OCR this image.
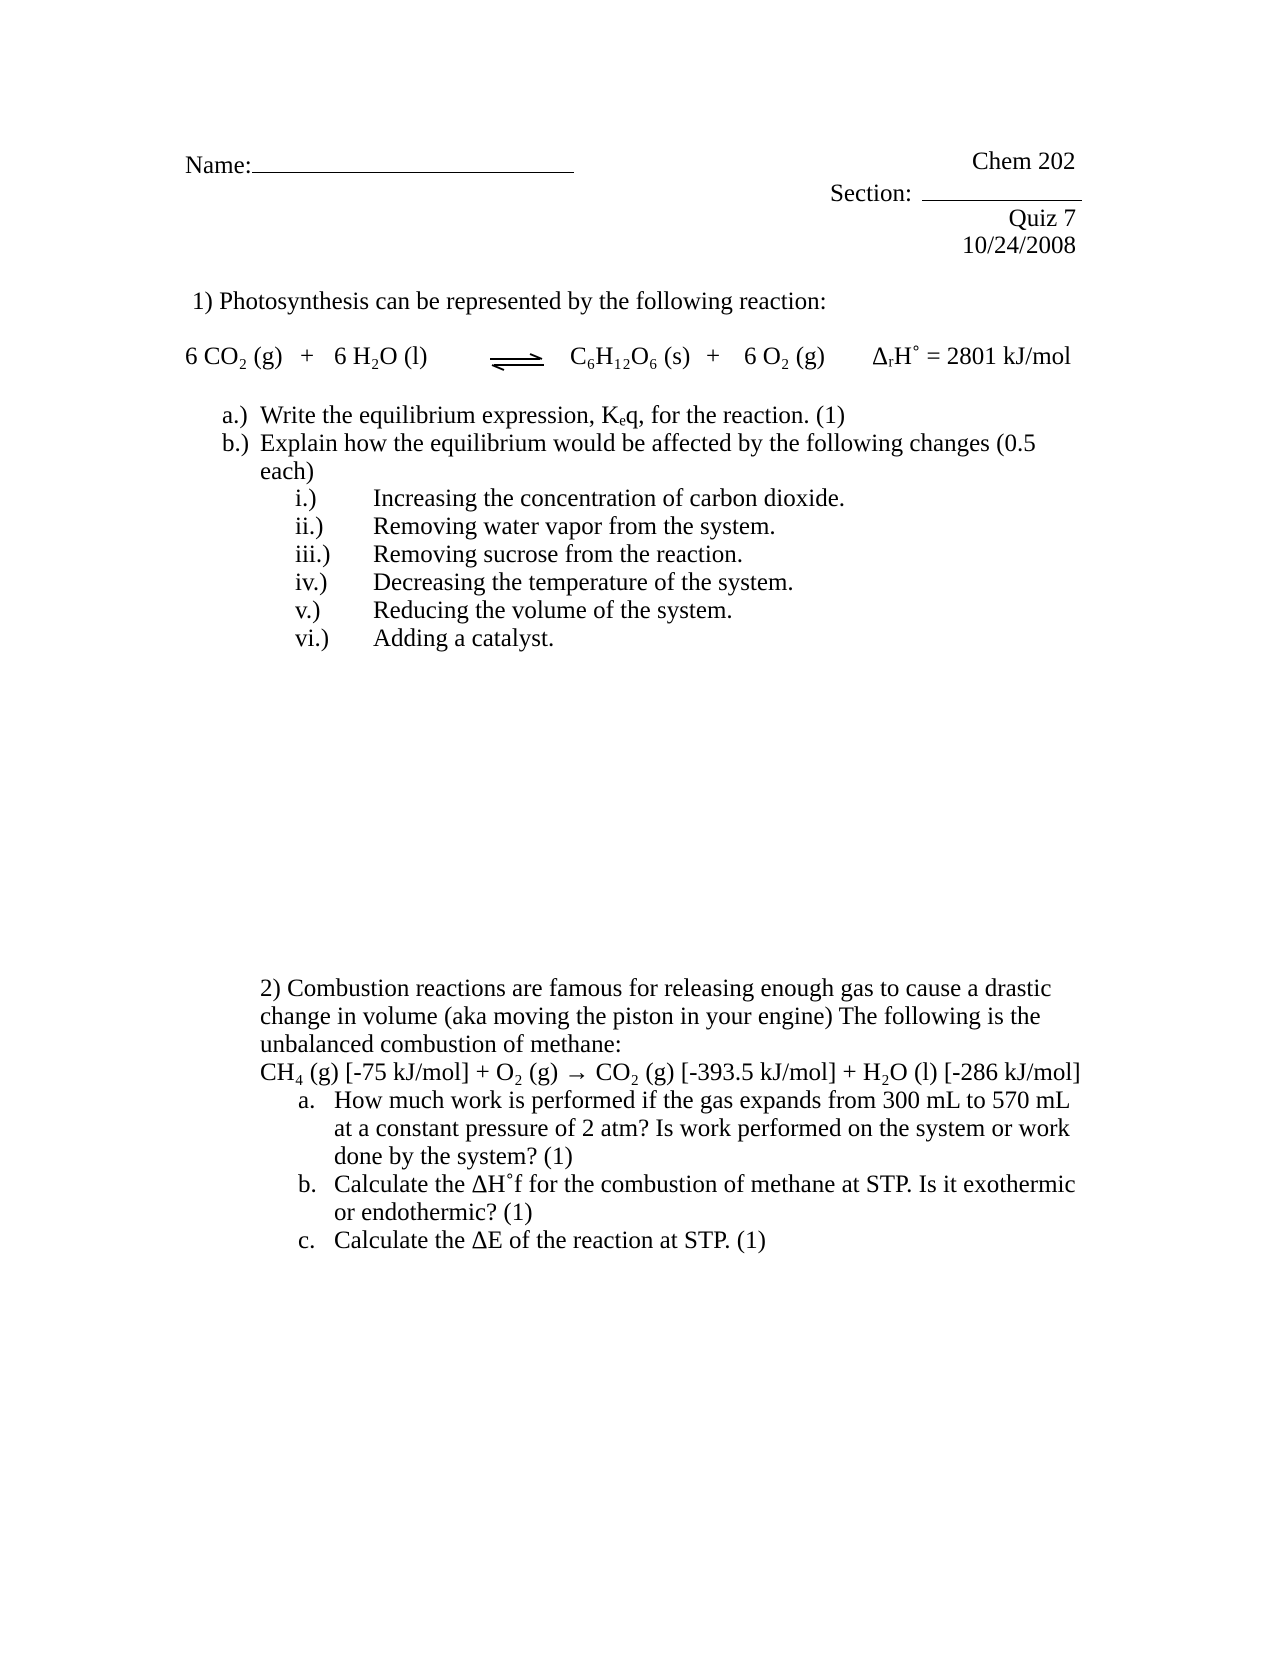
Name:	Chem 202
Section:
Quiz 7
10/24/2008
1) Photosynthesis can be represented by the following reaction:
6 CO₂ (g) + 6 H₂O (l) ⇌ C₆H₁₂O₆ (s) + 6 O₂ (g) ΔᵣH˚ = 2801 kJ/mol
a.) Write the equilibrium expression, Kₑq, for the reaction. (1)
b.) Explain how the equilibrium would be affected by the following changes (0.5
each)
i.) Increasing the concentration of carbon dioxide.
ii.) Removing water vapor from the system.
iii.) Removing sucrose from the reaction.
iv.) Decreasing the temperature of the system.
v.) Reducing the volume of the system.
vi.) Adding a catalyst.
2) Combustion reactions are famous for releasing enough gas to cause a drastic
change in volume (aka moving the piston in your engine) The following is the
unbalanced combustion of methane:
CH₄ (g) [-75 kJ/mol] + O₂ (g) → CO₂ (g) [-393.5 kJ/mol] + H₂O (l) [-286 kJ/mol]
a. How much work is performed if the gas expands from 300 mL to 570 mL
at a constant pressure of 2 atm? Is work performed on the system or work
done by the system? (1)
b. Calculate the ΔH˚f for the combustion of methane at STP. Is it exothermic
or endothermic? (1)
c. Calculate the ΔE of the reaction at STP. (1)
